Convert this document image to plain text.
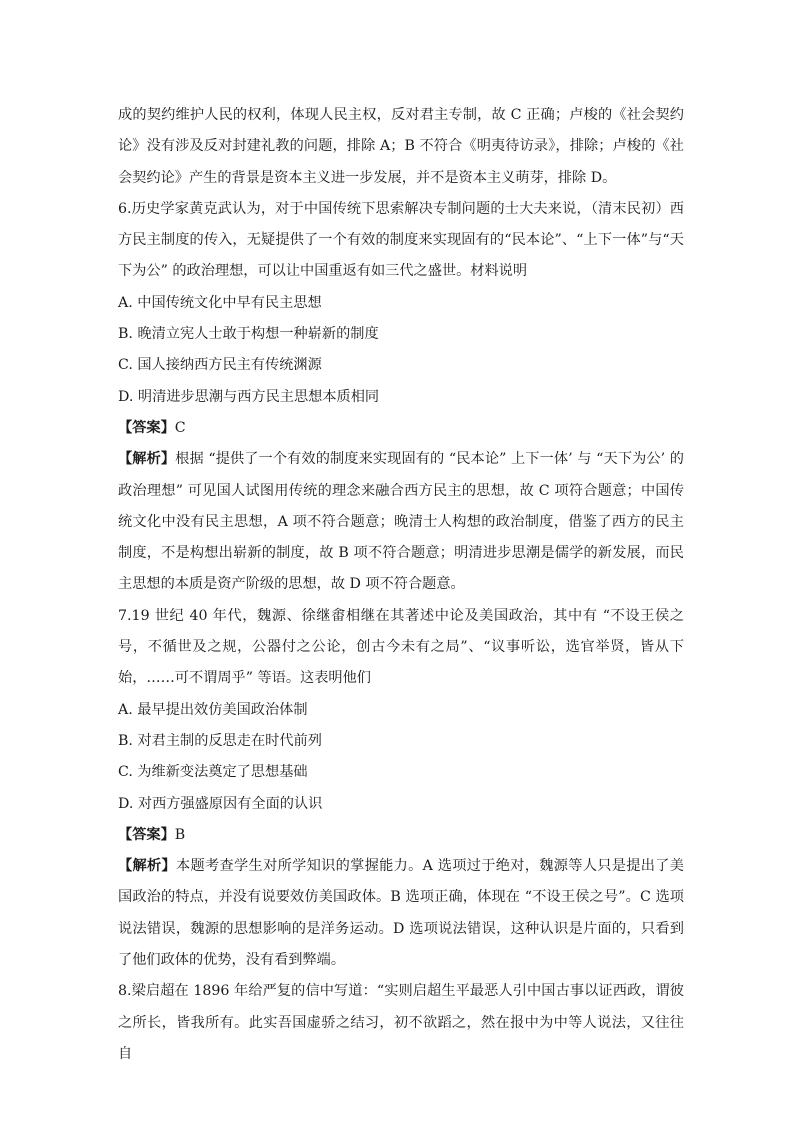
成的契约维护人民的权利，体现人民主权，反对君主专制，故 C 正确；卢梭的《社会契约论》没有涉及反对封建礼教的问题，排除 A；B 不符合《明夷待访录》，排除；卢梭的《社会契约论》产生的背景是资本主义进一步发展，并不是资本主义萌芽，排除 D。

6.历史学家黄克武认为，对于中国传统下思索解决专制问题的士大夫来说，（清末民初）西方民主制度的传入，无疑提供了一个有效的制度来实现固有的“民本论”、“上下一体”与“天下为公” 的政治理想，可以让中国重返有如三代之盛世。材料说明

A. 中国传统文化中早有民主思想

B. 晚清立宪人士敢于构想一种崭新的制度

C. 国人接纳西方民主有传统渊源

D. 明清进步思潮与西方民主思想本质相同

【答案】C

【解析】根据 “提供了一个有效的制度来实现固有的 “民本论” 上下一体’ 与 “天下为公’ 的政治理想” 可见国人试图用传统的理念来融合西方民主的思想，故 C 项符合题意；中国传统文化中没有民主思想，A 项不符合题意；晚清士人构想的政治制度，借鉴了西方的民主制度，不是构想出崭新的制度，故 B 项不符合题意；明清进步思潮是儒学的新发展，而民主思想的本质是资产阶级的思想，故 D 项不符合题意。

7.19 世纪 40 年代，魏源、徐继畬相继在其著述中论及美国政治，其中有 “不设王侯之号，不循世及之规，公器付之公论，创古今未有之局”、“议事听讼，选官举贤，皆从下始，……可不谓周乎” 等语。这表明他们

A. 最早提出效仿美国政治体制

B. 对君主制的反思走在时代前列

C. 为维新变法奠定了思想基础

D. 对西方强盛原因有全面的认识

【答案】B

【解析】本题考查学生对所学知识的掌握能力。A 选项过于绝对，魏源等人只是提出了美国政治的特点，并没有说要效仿美国政体。B 选项正确，体现在 “不设王侯之号”。C 选项说法错误，魏源的思想影响的是洋务运动。D 选项说法错误，这种认识是片面的，只看到了他们政体的优势，没有看到弊端。

8.梁启超在 1896 年给严复的信中写道：“实则启超生平最恶人引中国古事以证西政，谓彼之所长，皆我所有。此实吾国虚骄之结习，初不欲蹈之，然在报中为中等人说法，又往往自
